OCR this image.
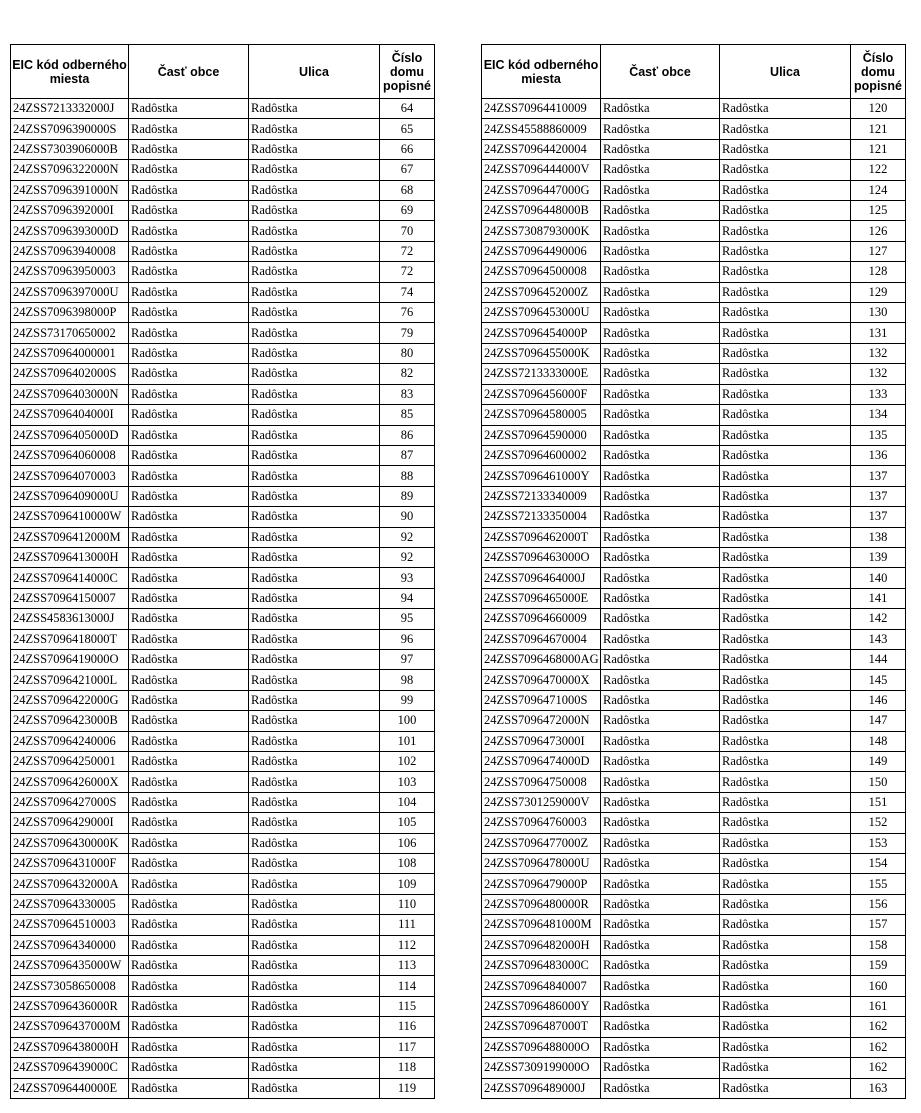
EIC kód odberného miesta	Časť obce	Ulica	Číslo domu popisné
24ZSS7213332000J	Radôstka	Radôstka	64
24ZSS7096390000S	Radôstka	Radôstka	65
24ZSS7303906000B	Radôstka	Radôstka	66
24ZSS7096322000N	Radôstka	Radôstka	67
24ZSS7096391000N	Radôstka	Radôstka	68
24ZSS7096392000I	Radôstka	Radôstka	69
24ZSS7096393000D	Radôstka	Radôstka	70
24ZSS70963940008	Radôstka	Radôstka	72
24ZSS70963950003	Radôstka	Radôstka	72
24ZSS7096397000U	Radôstka	Radôstka	74
24ZSS7096398000P	Radôstka	Radôstka	76
24ZSS73170650002	Radôstka	Radôstka	79
24ZSS70964000001	Radôstka	Radôstka	80
24ZSS7096402000S	Radôstka	Radôstka	82
24ZSS7096403000N	Radôstka	Radôstka	83
24ZSS7096404000I	Radôstka	Radôstka	85
24ZSS7096405000D	Radôstka	Radôstka	86
24ZSS70964060008	Radôstka	Radôstka	87
24ZSS70964070003	Radôstka	Radôstka	88
24ZSS7096409000U	Radôstka	Radôstka	89
24ZSS7096410000W	Radôstka	Radôstka	90
24ZSS7096412000M	Radôstka	Radôstka	92
24ZSS7096413000H	Radôstka	Radôstka	92
24ZSS7096414000C	Radôstka	Radôstka	93
24ZSS70964150007	Radôstka	Radôstka	94
24ZSS4583613000J	Radôstka	Radôstka	95
24ZSS7096418000T	Radôstka	Radôstka	96
24ZSS7096419000O	Radôstka	Radôstka	97
24ZSS7096421000L	Radôstka	Radôstka	98
24ZSS7096422000G	Radôstka	Radôstka	99
24ZSS7096423000B	Radôstka	Radôstka	100
24ZSS70964240006	Radôstka	Radôstka	101
24ZSS70964250001	Radôstka	Radôstka	102
24ZSS7096426000X	Radôstka	Radôstka	103
24ZSS7096427000S	Radôstka	Radôstka	104
24ZSS7096429000I	Radôstka	Radôstka	105
24ZSS7096430000K	Radôstka	Radôstka	106
24ZSS7096431000F	Radôstka	Radôstka	108
24ZSS7096432000A	Radôstka	Radôstka	109
24ZSS70964330005	Radôstka	Radôstka	110
24ZSS70964510003	Radôstka	Radôstka	111
24ZSS70964340000	Radôstka	Radôstka	112
24ZSS7096435000W	Radôstka	Radôstka	113
24ZSS73058650008	Radôstka	Radôstka	114
24ZSS7096436000R	Radôstka	Radôstka	115
24ZSS7096437000M	Radôstka	Radôstka	116
24ZSS7096438000H	Radôstka	Radôstka	117
24ZSS7096439000C	Radôstka	Radôstka	118
24ZSS7096440000E	Radôstka	Radôstka	119
EIC kód odberného miesta	Časť obce	Ulica	Číslo domu popisné
24ZSS70964410009	Radôstka	Radôstka	120
24ZSS45588860009	Radôstka	Radôstka	121
24ZSS70964420004	Radôstka	Radôstka	121
24ZSS7096444000V	Radôstka	Radôstka	122
24ZSS7096447000G	Radôstka	Radôstka	124
24ZSS7096448000B	Radôstka	Radôstka	125
24ZSS7308793000K	Radôstka	Radôstka	126
24ZSS70964490006	Radôstka	Radôstka	127
24ZSS70964500008	Radôstka	Radôstka	128
24ZSS7096452000Z	Radôstka	Radôstka	129
24ZSS7096453000U	Radôstka	Radôstka	130
24ZSS7096454000P	Radôstka	Radôstka	131
24ZSS7096455000K	Radôstka	Radôstka	132
24ZSS7213333000E	Radôstka	Radôstka	132
24ZSS7096456000F	Radôstka	Radôstka	133
24ZSS70964580005	Radôstka	Radôstka	134
24ZSS70964590000	Radôstka	Radôstka	135
24ZSS70964600002	Radôstka	Radôstka	136
24ZSS7096461000Y	Radôstka	Radôstka	137
24ZSS72133340009	Radôstka	Radôstka	137
24ZSS72133350004	Radôstka	Radôstka	137
24ZSS7096462000T	Radôstka	Radôstka	138
24ZSS7096463000O	Radôstka	Radôstka	139
24ZSS7096464000J	Radôstka	Radôstka	140
24ZSS7096465000E	Radôstka	Radôstka	141
24ZSS70964660009	Radôstka	Radôstka	142
24ZSS70964670004	Radôstka	Radôstka	143
24ZSS7096468000AG	Radôstka	Radôstka	144
24ZSS7096470000X	Radôstka	Radôstka	145
24ZSS7096471000S	Radôstka	Radôstka	146
24ZSS7096472000N	Radôstka	Radôstka	147
24ZSS7096473000I	Radôstka	Radôstka	148
24ZSS7096474000D	Radôstka	Radôstka	149
24ZSS70964750008	Radôstka	Radôstka	150
24ZSS7301259000V	Radôstka	Radôstka	151
24ZSS70964760003	Radôstka	Radôstka	152
24ZSS7096477000Z	Radôstka	Radôstka	153
24ZSS7096478000U	Radôstka	Radôstka	154
24ZSS7096479000P	Radôstka	Radôstka	155
24ZSS7096480000R	Radôstka	Radôstka	156
24ZSS7096481000M	Radôstka	Radôstka	157
24ZSS7096482000H	Radôstka	Radôstka	158
24ZSS7096483000C	Radôstka	Radôstka	159
24ZSS70964840007	Radôstka	Radôstka	160
24ZSS7096486000Y	Radôstka	Radôstka	161
24ZSS7096487000T	Radôstka	Radôstka	162
24ZSS7096488000O	Radôstka	Radôstka	162
24ZSS7309199000O	Radôstka	Radôstka	162
24ZSS7096489000J	Radôstka	Radôstka	163
